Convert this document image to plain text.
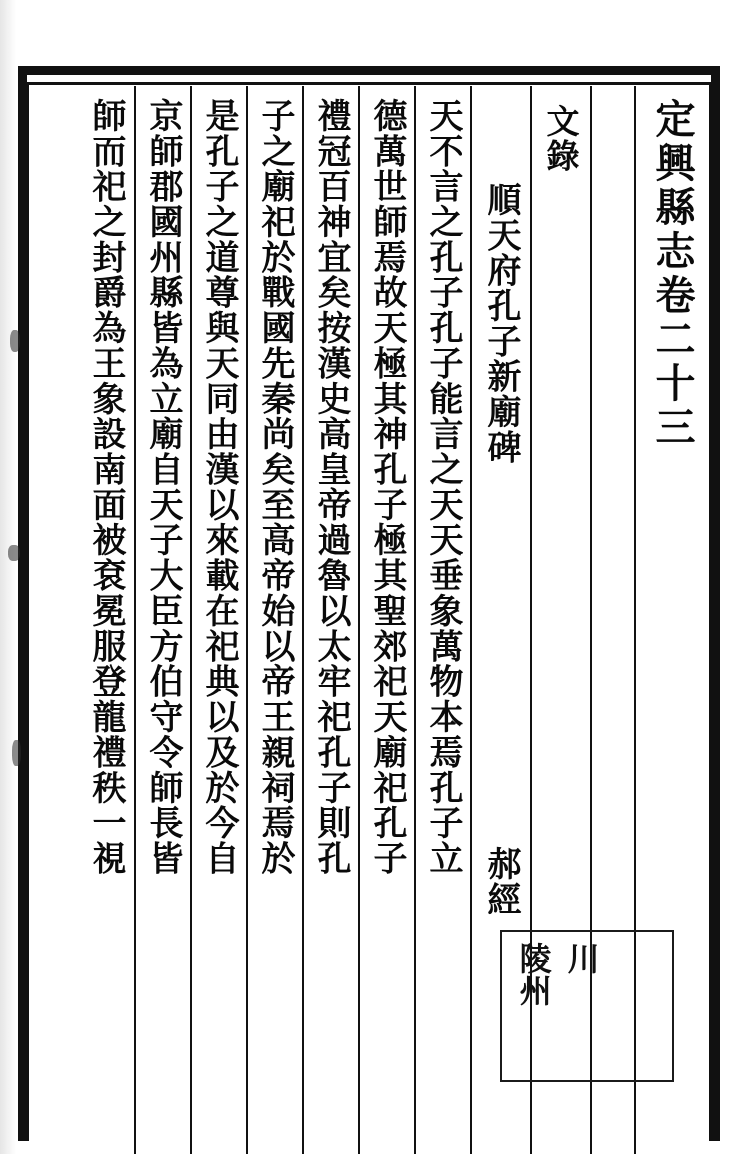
定興縣志卷二十三
文錄
順天府孔子新廟碑
郝經
天不言之孔子孔子能言之天天垂象萬物本焉孔子立
德萬世師焉故天極其神孔子極其聖郊祀天廟祀孔子
禮冠百神宜矣按漢史高皇帝過魯以太牢祀孔子則孔
子之廟祀於戰國先秦尚矣至高帝始以帝王親祠焉於
是孔子之道尊與天同由漢以來載在祀典以及於今自
京師郡國州縣皆為立廟自天子大臣方伯守令師長皆
師而祀之封爵為王象設南面被袞冕服登龍禮秩一視
陵州 川
